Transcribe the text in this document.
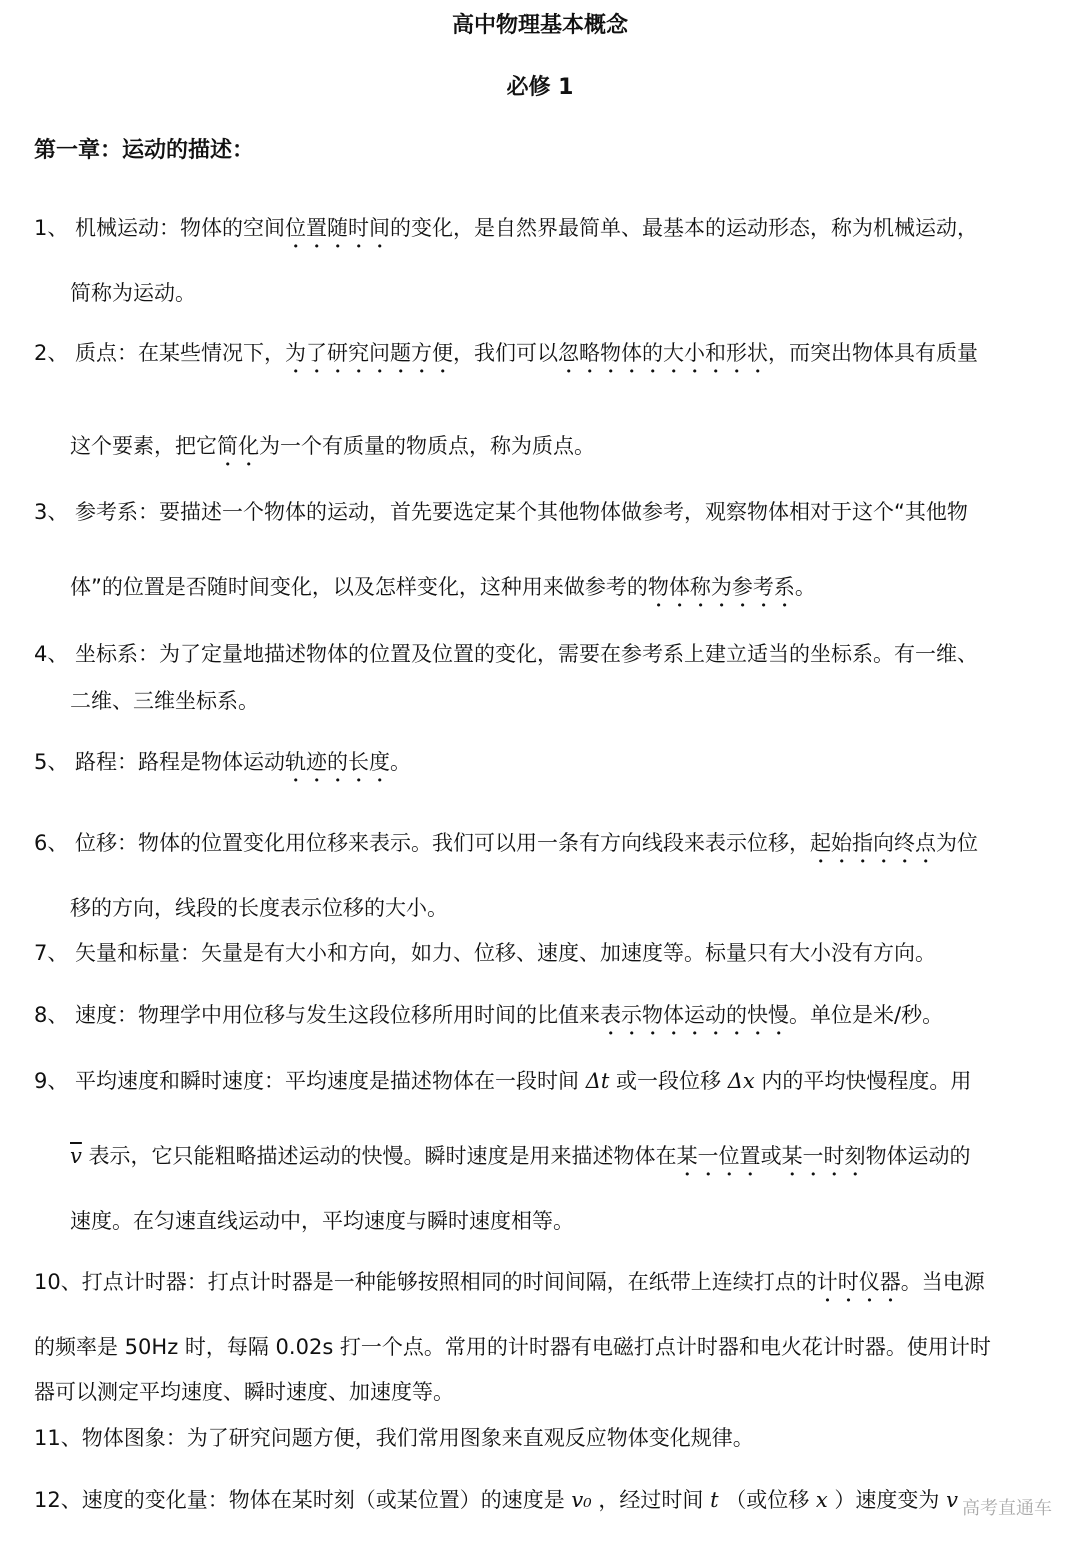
高中物理基本概念
必修 1
第一章：运动的描述：

1、 机械运动：物体的空间位置随时间的变化，是自然界最简单、最基本的运动形态，称为机械运动，

简称为运动。

2、 质点：在某些情况下，为了研究问题方便，我们可以忽略物体的大小和形状，而突出物体具有质量

这个要素，把它简化为一个有质量的物质点，称为质点。

3、 参考系：要描述一个物体的运动，首先要选定某个其他物体做参考，观察物体相对于这个“其他物

体”的位置是否随时间变化，以及怎样变化，这种用来做参考的物体称为参考系。

4、 坐标系：为了定量地描述物体的位置及位置的变化，需要在参考系上建立适当的坐标系。有一维、

二维、三维坐标系。

5、 路程：路程是物体运动轨迹的长度。

6、 位移：物体的位置变化用位移来表示。我们可以用一条有方向线段来表示位移，起始指向终点为位

移的方向，线段的长度表示位移的大小。

7、 矢量和标量：矢量是有大小和方向，如力、位移、速度、加速度等。标量只有大小没有方向。

8、 速度：物理学中用位移与发生这段位移所用时间的比值来表示物体运动的快慢。单位是米/秒。

9、 平均速度和瞬时速度：平均速度是描述物体在一段时间 Δt 或一段位移 Δx 内的平均快慢程度。用

$\overline{v}$ 表示，它只能粗略描述运动的快慢。瞬时速度是用来描述物体在某一位置或某一时刻物体运动的

速度。在匀速直线运动中，平均速度与瞬时速度相等。

10、打点计时器：打点计时器是一种能够按照相同的时间间隔，在纸带上连续打点的计时仪器。当电源

的频率是 50Hz 时，每隔 0.02s 打一个点。常用的计时器有电磁打点计时器和电火花计时器。使用计时

器可以测定平均速度、瞬时速度、加速度等。

11、物体图象：为了研究问题方便，我们常用图象来直观反应物体变化规律。

12、速度的变化量：物体在某时刻（或某位置）的速度是 v₀ ，经过时间 t （或位移 x ）速度变为 v 高考直通车
